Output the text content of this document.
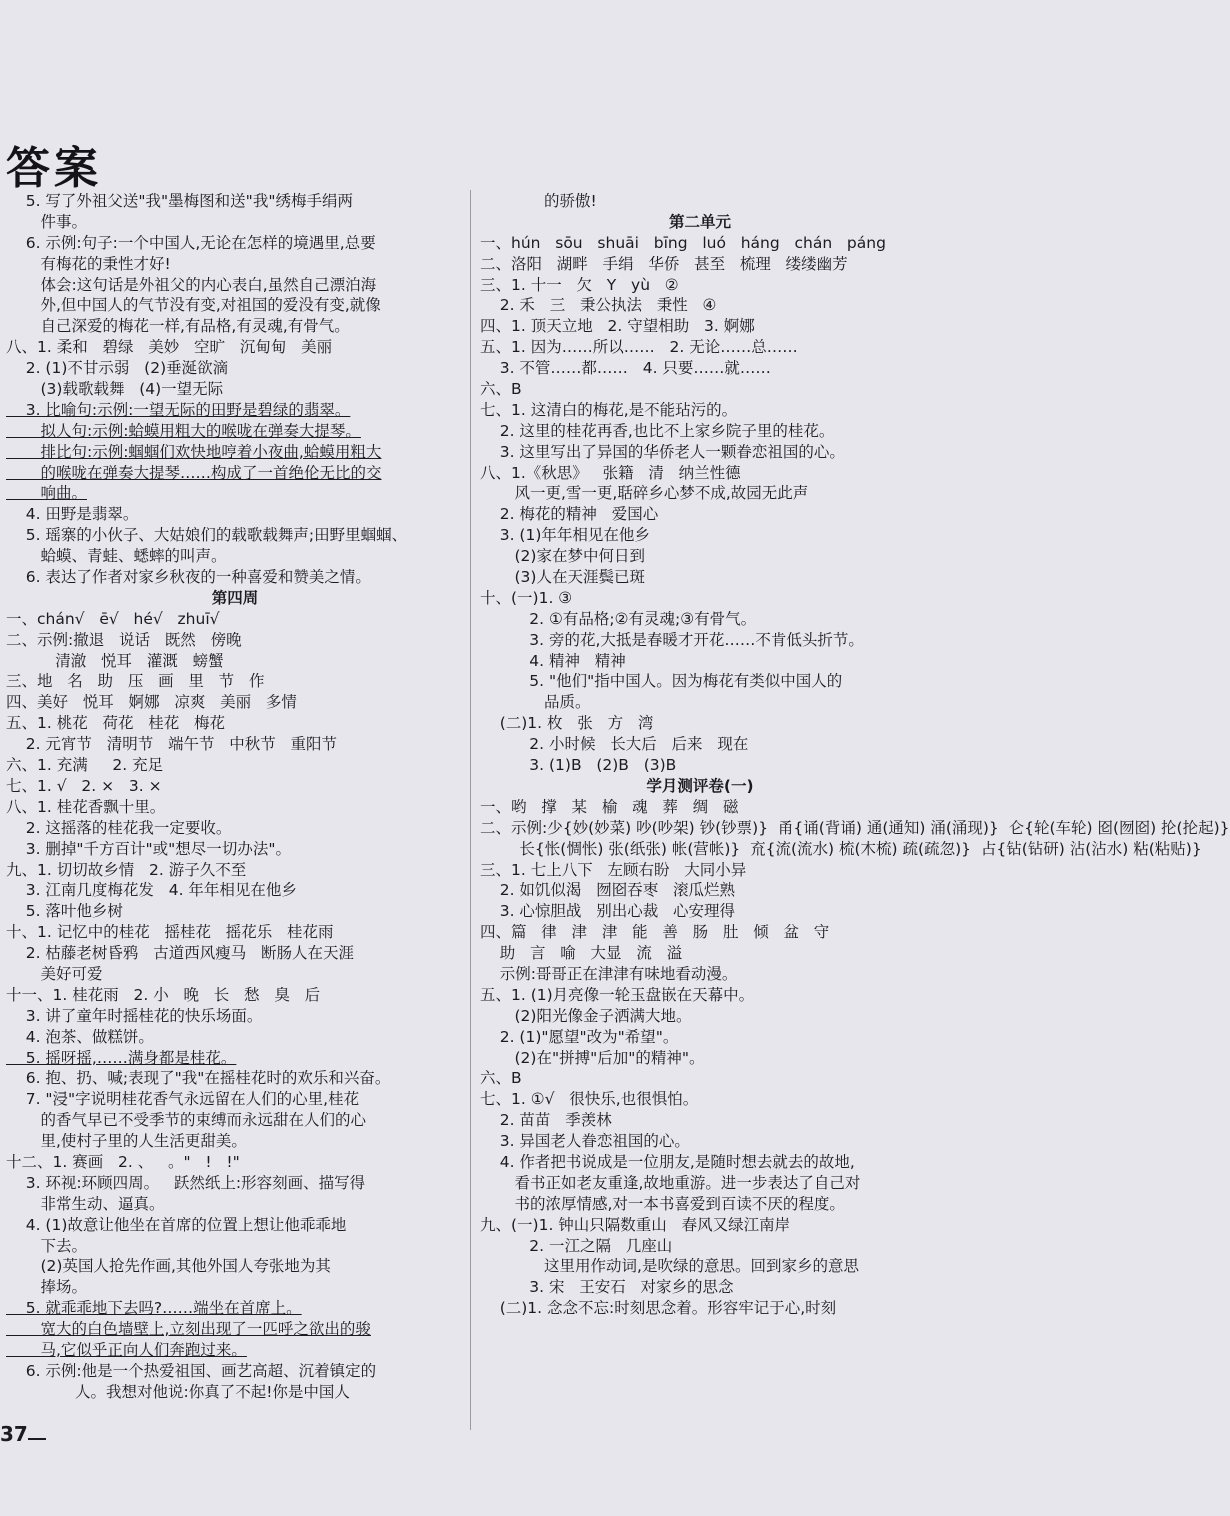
答案
5. 写了外祖父送"我"墨梅图和送"我"绣梅手绢两
件事。
6. 示例:句子:一个中国人,无论在怎样的境遇里,总要
有梅花的秉性才好!
体会:这句话是外祖父的内心表白,虽然自己漂泊海
外,但中国人的气节没有变,对祖国的爱没有变,就像
自己深爱的梅花一样,有品格,有灵魂,有骨气。
八、1. 柔和   碧绿   美妙   空旷   沉甸甸   美丽
2. (1)不甘示弱   (2)垂涎欲滴
(3)载歌载舞   (4)一望无际
3. 比喻句:示例:一望无际的田野是碧绿的翡翠。
拟人句:示例:蛤蟆用粗大的喉咙在弹奏大提琴。
排比句:示例:蝈蝈们欢快地哼着小夜曲,蛤蟆用粗大
的喉咙在弹奏大提琴……构成了一首绝伦无比的交
响曲。
4. 田野是翡翠。
5. 瑶寨的小伙子、大姑娘们的载歌载舞声;田野里蝈蝈、
蛤蟆、青蛙、蟋蟀的叫声。
6. 表达了作者对家乡秋夜的一种喜爱和赞美之情。
第四周
一、chán√   ē√   hé√   zhuī√
二、示例:撤退   说话   既然   傍晚
清澈   悦耳   灌溉   螃蟹
三、地   名   助   压   画   里   节   作
四、美好   悦耳   婀娜   凉爽   美丽   多情
五、1. 桃花   荷花   桂花   梅花
2. 元宵节   清明节   端午节   中秋节   重阳节
六、1. 充满     2. 充足
七、1. √   2. ×   3. ×
八、1. 桂花香飘十里。
2. 这摇落的桂花我一定要收。
3. 删掉"千方百计"或"想尽一切办法"。
九、1. 切切故乡情   2. 游子久不至
3. 江南几度梅花发   4. 年年相见在他乡
5. 落叶他乡树
十、1. 记忆中的桂花   摇桂花   摇花乐   桂花雨
2. 枯藤老树昏鸦   古道西风瘦马   断肠人在天涯
美好可爱
十一、1. 桂花雨   2. 小   晚   长   愁   臭   后
3. 讲了童年时摇桂花的快乐场面。
4. 泡茶、做糕饼。
5. 摇呀摇,……满身都是桂花。
6. 抱、扔、喊;表现了"我"在摇桂花时的欢乐和兴奋。
7. "浸"字说明桂花香气永远留在人们的心里,桂花
的香气早已不受季节的束缚而永远甜在人们的心
里,使村子里的人生活更甜美。
十二、1. 赛画   2. 、   。"   !   !"
3. 环视:环顾四周。   跃然纸上:形容刻画、描写得
非常生动、逼真。
4. (1)故意让他坐在首席的位置上想让他乖乖地
下去。
(2)英国人抢先作画,其他外国人夸张地为其
捧场。
5. 就乖乖地下去吗?……端坐在首席上。
宽大的白色墙壁上,立刻出现了一匹呼之欲出的骏
马,它似乎正向人们奔跑过来。
6. 示例:他是一个热爱祖国、画艺高超、沉着镇定的
人。我想对他说:你真了不起!你是中国人
的骄傲!
第二单元
一、hún   sōu   shuāi   bīng   luó   háng   chán   páng
二、洛阳   湖畔   手绢   华侨   甚至   梳理   缕缕幽芳
三、1. 十一   欠   Y   yù   ②
2. 禾   三   秉公执法   秉性   ④
四、1. 顶天立地   2. 守望相助   3. 婀娜
五、1. 因为……所以……   2. 无论……总……
3. 不管……都……   4. 只要……就……
六、B
七、1. 这清白的梅花,是不能玷污的。
2. 这里的桂花再香,也比不上家乡院子里的桂花。
3. 这里写出了异国的华侨老人一颗眷恋祖国的心。
八、1.《秋思》   张籍   清   纳兰性德
风一更,雪一更,聒碎乡心梦不成,故园无此声
2. 梅花的精神   爱国心
3. (1)年年相见在他乡
(2)家在梦中何日到
(3)人在天涯鬓已斑
十、(一)1. ③
2. ①有品格;②有灵魂;③有骨气。
3. 旁的花,大抵是春暖才开花……不肯低头折节。
4. 精神   精神
5. "他们"指中国人。因为梅花有类似中国人的
品质。
(二)1. 枚   张   方   湾
2. 小时候   长大后   后来   现在
3. (1)B   (2)B   (3)B
学月测评卷(一)
一、哟   撑   某   榆   魂   葬   绸   磁
二、示例:少{妙(妙菜) 吵(吵架) 钞(钞票)}  甬{诵(背诵) 通(通知) 涌(涌现)}  仑{轮(车轮) 囵(囫囵) 抡(抡起)}
长{怅(惆怅) 张(纸张) 帐(营帐)}  㐬{流(流水) 梳(木梳) 疏(疏忽)}  占{钻(钻研) 沾(沾水) 粘(粘贴)}
三、1. 七上八下   左顾右盼   大同小异
2. 如饥似渴   囫囵吞枣   滚瓜烂熟
3. 心惊胆战   别出心裁   心安理得
四、篇   律   津   津   能   善   肠   肚   倾   盆   守
助   言   喻   大显   流   溢
示例:哥哥正在津津有味地看动漫。
五、1. (1)月亮像一轮玉盘嵌在天幕中。
(2)阳光像金子洒满大地。
2. (1)"愿望"改为"希望"。
(2)在"拼搏"后加"的精神"。
六、B
七、1. ①√   很快乐,也很惧怕。
2. 苗苗   季羡林
3. 异国老人眷恋祖国的心。
4. 作者把书说成是一位朋友,是随时想去就去的故地,
看书正如老友重逢,故地重游。进一步表达了自己对
书的浓厚情感,对一本书喜爱到百读不厌的程度。
九、(一)1. 钟山只隔数重山   春风又绿江南岸
2. 一江之隔   几座山
这里用作动词,是吹绿的意思。回到家乡的意思
3. 宋   王安石   对家乡的思念
(二)1. 念念不忘:时刻思念着。形容牢记于心,时刻
37
